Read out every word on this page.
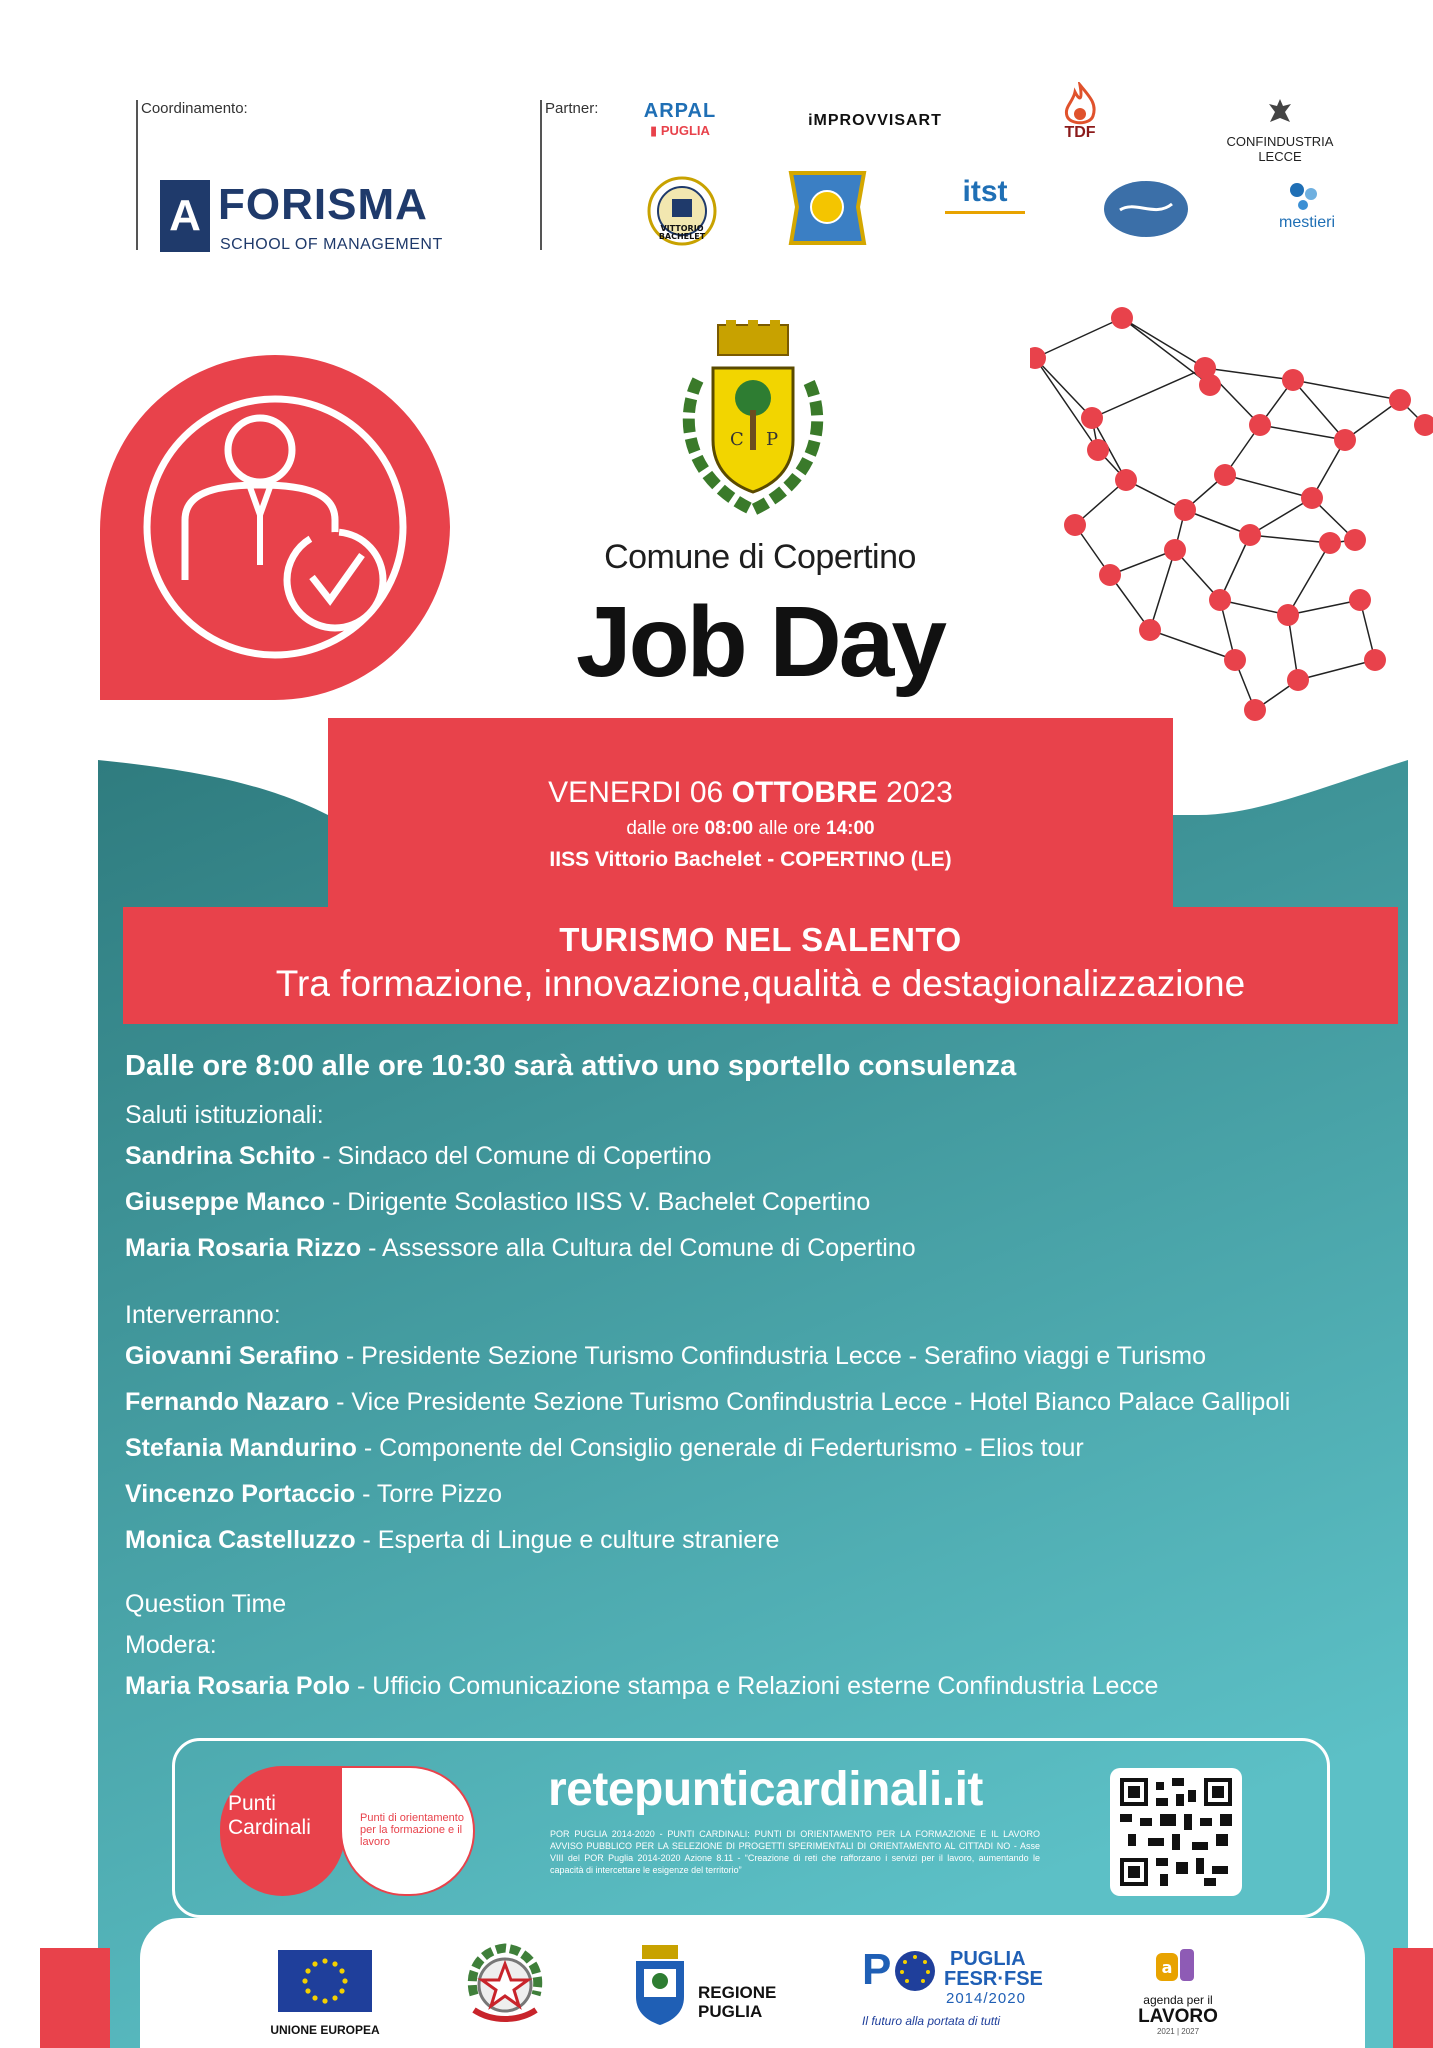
Coordinamento:
A FORISMA
SCHOOL OF MANAGEMENT
Partner: ARPAL
▮ PUGLIA
iMPROVVISART
TDF
CONFINDUSTRIA LECCE
VITTORIO
BACHELET
itst
mestieri
C P
Comune di Copertino
Job Day
VENERDI 06 OTTOBRE 2023
dalle ore 08:00 alle ore 14:00
IISS Vittorio Bachelet - COPERTINO (LE)
TURISMO NEL SALENTO
Tra formazione, innovazione,qualità e destagionalizzazione
Dalle ore 8:00 alle ore 10:30 sarà attivo uno sportello consulenza
Saluti istituzionali:
Sandrina Schito - Sindaco del Comune di Copertino
Giuseppe Manco - Dirigente Scolastico IISS V. Bachelet Copertino
Maria Rosaria Rizzo - Assessore alla Cultura del Comune di Copertino
Interverranno:
Giovanni Serafino - Presidente Sezione Turismo Confindustria Lecce - Serafino viaggi e Turismo
Fernando Nazaro - Vice Presidente Sezione Turismo Confindustria Lecce - Hotel Bianco Palace Gallipoli
Stefania Mandurino - Componente del Consiglio generale di Federturismo - Elios tour
Vincenzo Portaccio - Torre Pizzo
Monica Castelluzzo - Esperta di Lingue e culture straniere
Question Time
Modera:
Maria Rosaria Polo - Ufficio Comunicazione stampa e Relazioni esterne Confindustria Lecce
Punti Cardinali	Punti di orientamento per la formazione e il lavoro
retepunticardinali.it
POR PUGLIA 2014-2020 - PUNTI CARDINALI: PUNTI DI ORIENTAMENTO PER LA FORMAZIONE E IL LAVORO AVVISO PUBBLICO PER LA SELEZIONE DI PROGETTI SPERIMENTALI DI ORIENTAMENTO AL CITTADI NO - Asse VIII del POR Puglia 2014-2020 Azione 8.11 - “Creazione di reti che rafforzano i servizi per il lavoro, aumentando le capacità di intercettare le esigenze del territorio”
UNIONE EUROPEA
REGIONE PUGLIA
P	PUGLIA
FESR·FSE
2014/2020
Il futuro alla portata di tutti
a
agenda per il
LAVORO
2021 | 2027
